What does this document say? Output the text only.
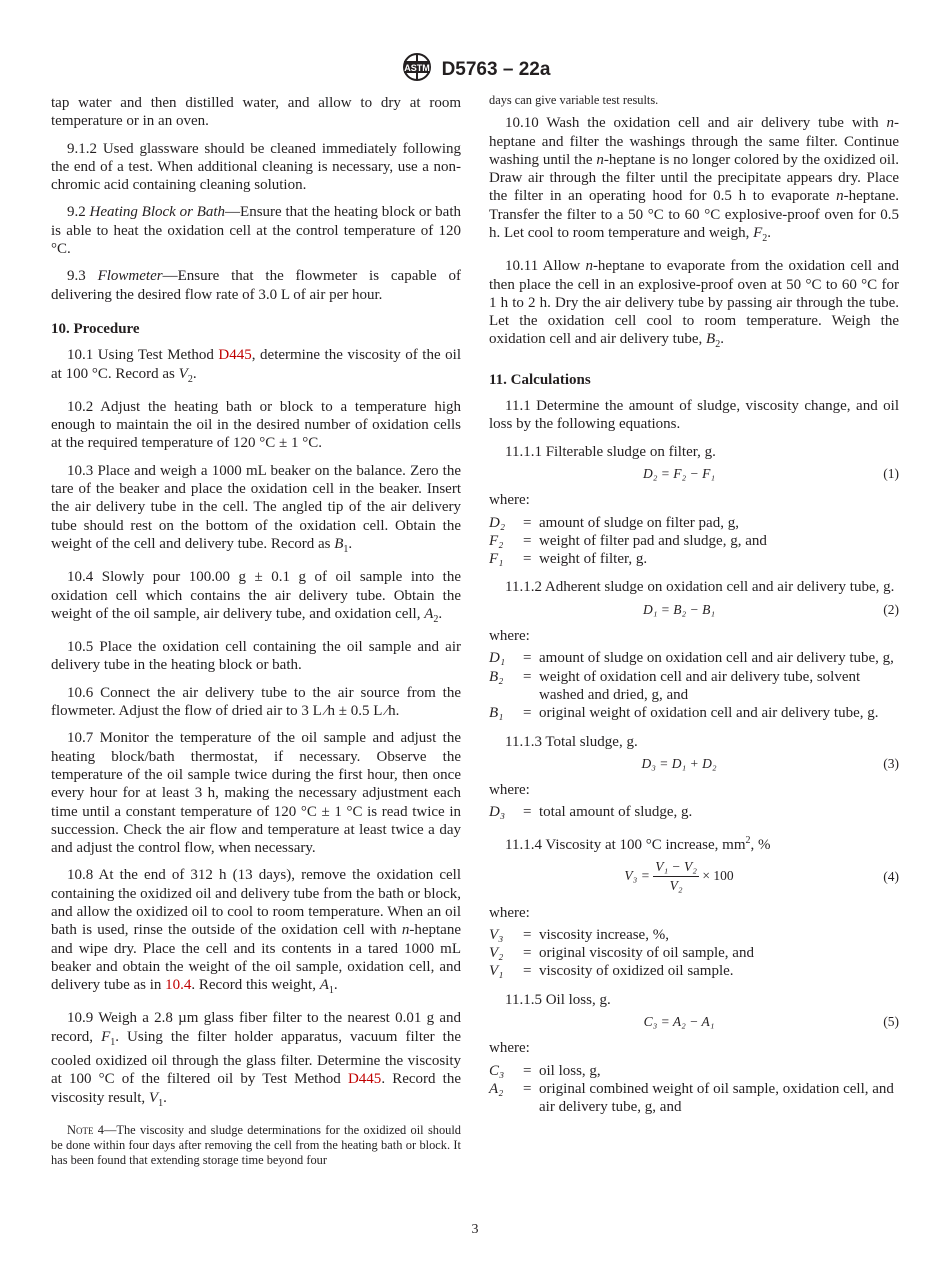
ASTM D5763 – 22a

tap water and then distilled water, and allow to dry at room temperature or in an oven.

9.1.2 Used glassware should be cleaned immediately following the end of a test. When additional cleaning is necessary, use a non-chromic acid containing cleaning solution.

9.2 Heating Block or Bath—Ensure that the heating block or bath is able to heat the oxidation cell at the control temperature of 120 °C.

9.3 Flowmeter—Ensure that the flowmeter is capable of delivering the desired flow rate of 3.0 L of air per hour.

10. Procedure

10.1 Using Test Method D445, determine the viscosity of the oil at 100 °C. Record as $V_2$.

10.2 Adjust the heating bath or block to a temperature high enough to maintain the oil in the desired number of oxidation cells at the required temperature of 120 °C ± 1 °C.

10.3 Place and weigh a 1000 mL beaker on the balance. Zero the tare of the beaker and place the oxidation cell in the beaker. Insert the air delivery tube in the cell. The angled tip of the air delivery tube should rest on the bottom of the oxidation cell. Obtain the weight of the cell and delivery tube. Record as $B_1$.

10.4 Slowly pour 100.00 g ± 0.1 g of oil sample into the oxidation cell which contains the air delivery tube. Obtain the weight of the oil sample, air delivery tube, and oxidation cell, $A_2$.

10.5 Place the oxidation cell containing the oil sample and air delivery tube in the heating block or bath.

10.6 Connect the air delivery tube to the air source from the flowmeter. Adjust the flow of dried air to 3 L ⁄h ± 0.5 L ⁄h.

10.7 Monitor the temperature of the oil sample and adjust the heating block/bath thermostat, if necessary. Observe the temperature of the oil sample twice during the first hour, then once every hour for at least 3 h, making the necessary adjustment each time until a constant temperature of 120 °C ± 1 °C is read twice in succession. Check the air flow and temperature at least twice a day and adjust the control flow, when necessary.

10.8 At the end of 312 h (13 days), remove the oxidation cell containing the oxidized oil and delivery tube from the bath or block, and allow the oxidized oil to cool to room temperature. When an oil bath is used, rinse the outside of the oxidation cell with n-heptane and wipe dry. Place the cell and its contents in a tared 1000 mL beaker and obtain the weight of the oil sample, oxidation cell, and delivery tube as in 10.4. Record this weight, $A_1$.

10.9 Weigh a 2.8 µm glass fiber filter to the nearest 0.01 g and record, $F_1$. Using the filter holder apparatus, vacuum filter the cooled oxidized oil through the glass filter. Determine the viscosity at 100 °C of the filtered oil by Test Method D445. Record the viscosity result, $V_1$.

Note 4—The viscosity and sludge determinations for the oxidized oil should be done within four days after removing the cell from the heating bath or block. It has been found that extending storage time beyond four

days can give variable test results.

10.10 Wash the oxidation cell and air delivery tube with n-heptane and filter the washings through the same filter. Continue washing until the n-heptane is no longer colored by the oxidized oil. Draw air through the filter until the precipitate appears dry. Place the filter in an operating hood for 0.5 h to evaporate n-heptane. Transfer the filter to a 50 °C to 60 °C explosive-proof oven for 0.5 h. Let cool to room temperature and weigh, $F_2$.

10.11 Allow n-heptane to evaporate from the oxidation cell and then place the cell in an explosive-proof oven at 50 °C to 60 °C for 1 h to 2 h. Dry the air delivery tube by passing air through the tube. Let the oxidation cell cool to room temperature. Weigh the oxidation cell and air delivery tube, $B_2$.

11. Calculations

11.1 Determine the amount of sludge, viscosity change, and oil loss by the following equations.

11.1.1 Filterable sludge on filter, g.

D₂ = F₂ − F₁	(1)

where:

D₂	= amount of sludge on filter pad, g,
F₂	= weight of filter pad and sludge, g, and
F₁	= weight of filter, g.

11.1.2 Adherent sludge on oxidation cell and air delivery tube, g.

D₁ = B₂ − B₁	(2)

where:

D₁	= amount of sludge on oxidation cell and air delivery tube, g,
B₂	= weight of oxidation cell and air delivery tube, solvent washed and dried, g, and
B₁	= original weight of oxidation cell and air delivery tube, g.

11.1.3 Total sludge, g.

D₃ = D₁ + D₂	(3)

where:

D₃	= total amount of sludge, g.

11.1.4 Viscosity at 100 °C increase, $mm^2$, %

$V_3 = \frac{\text{V₁ − V₂}}{\text{V₂}} \times 100$	(4)

where:

V₃	= viscosity increase, %,
V₂	= original viscosity of oil sample, and
V₁	= viscosity of oxidized oil sample.

11.1.5 Oil loss, g.

C₃ = A₂ − A₁	(5)

where:

C₃	= oil loss, g,
A₂	= original combined weight of oil sample, oxidation cell, and air delivery tube, g, and
3
